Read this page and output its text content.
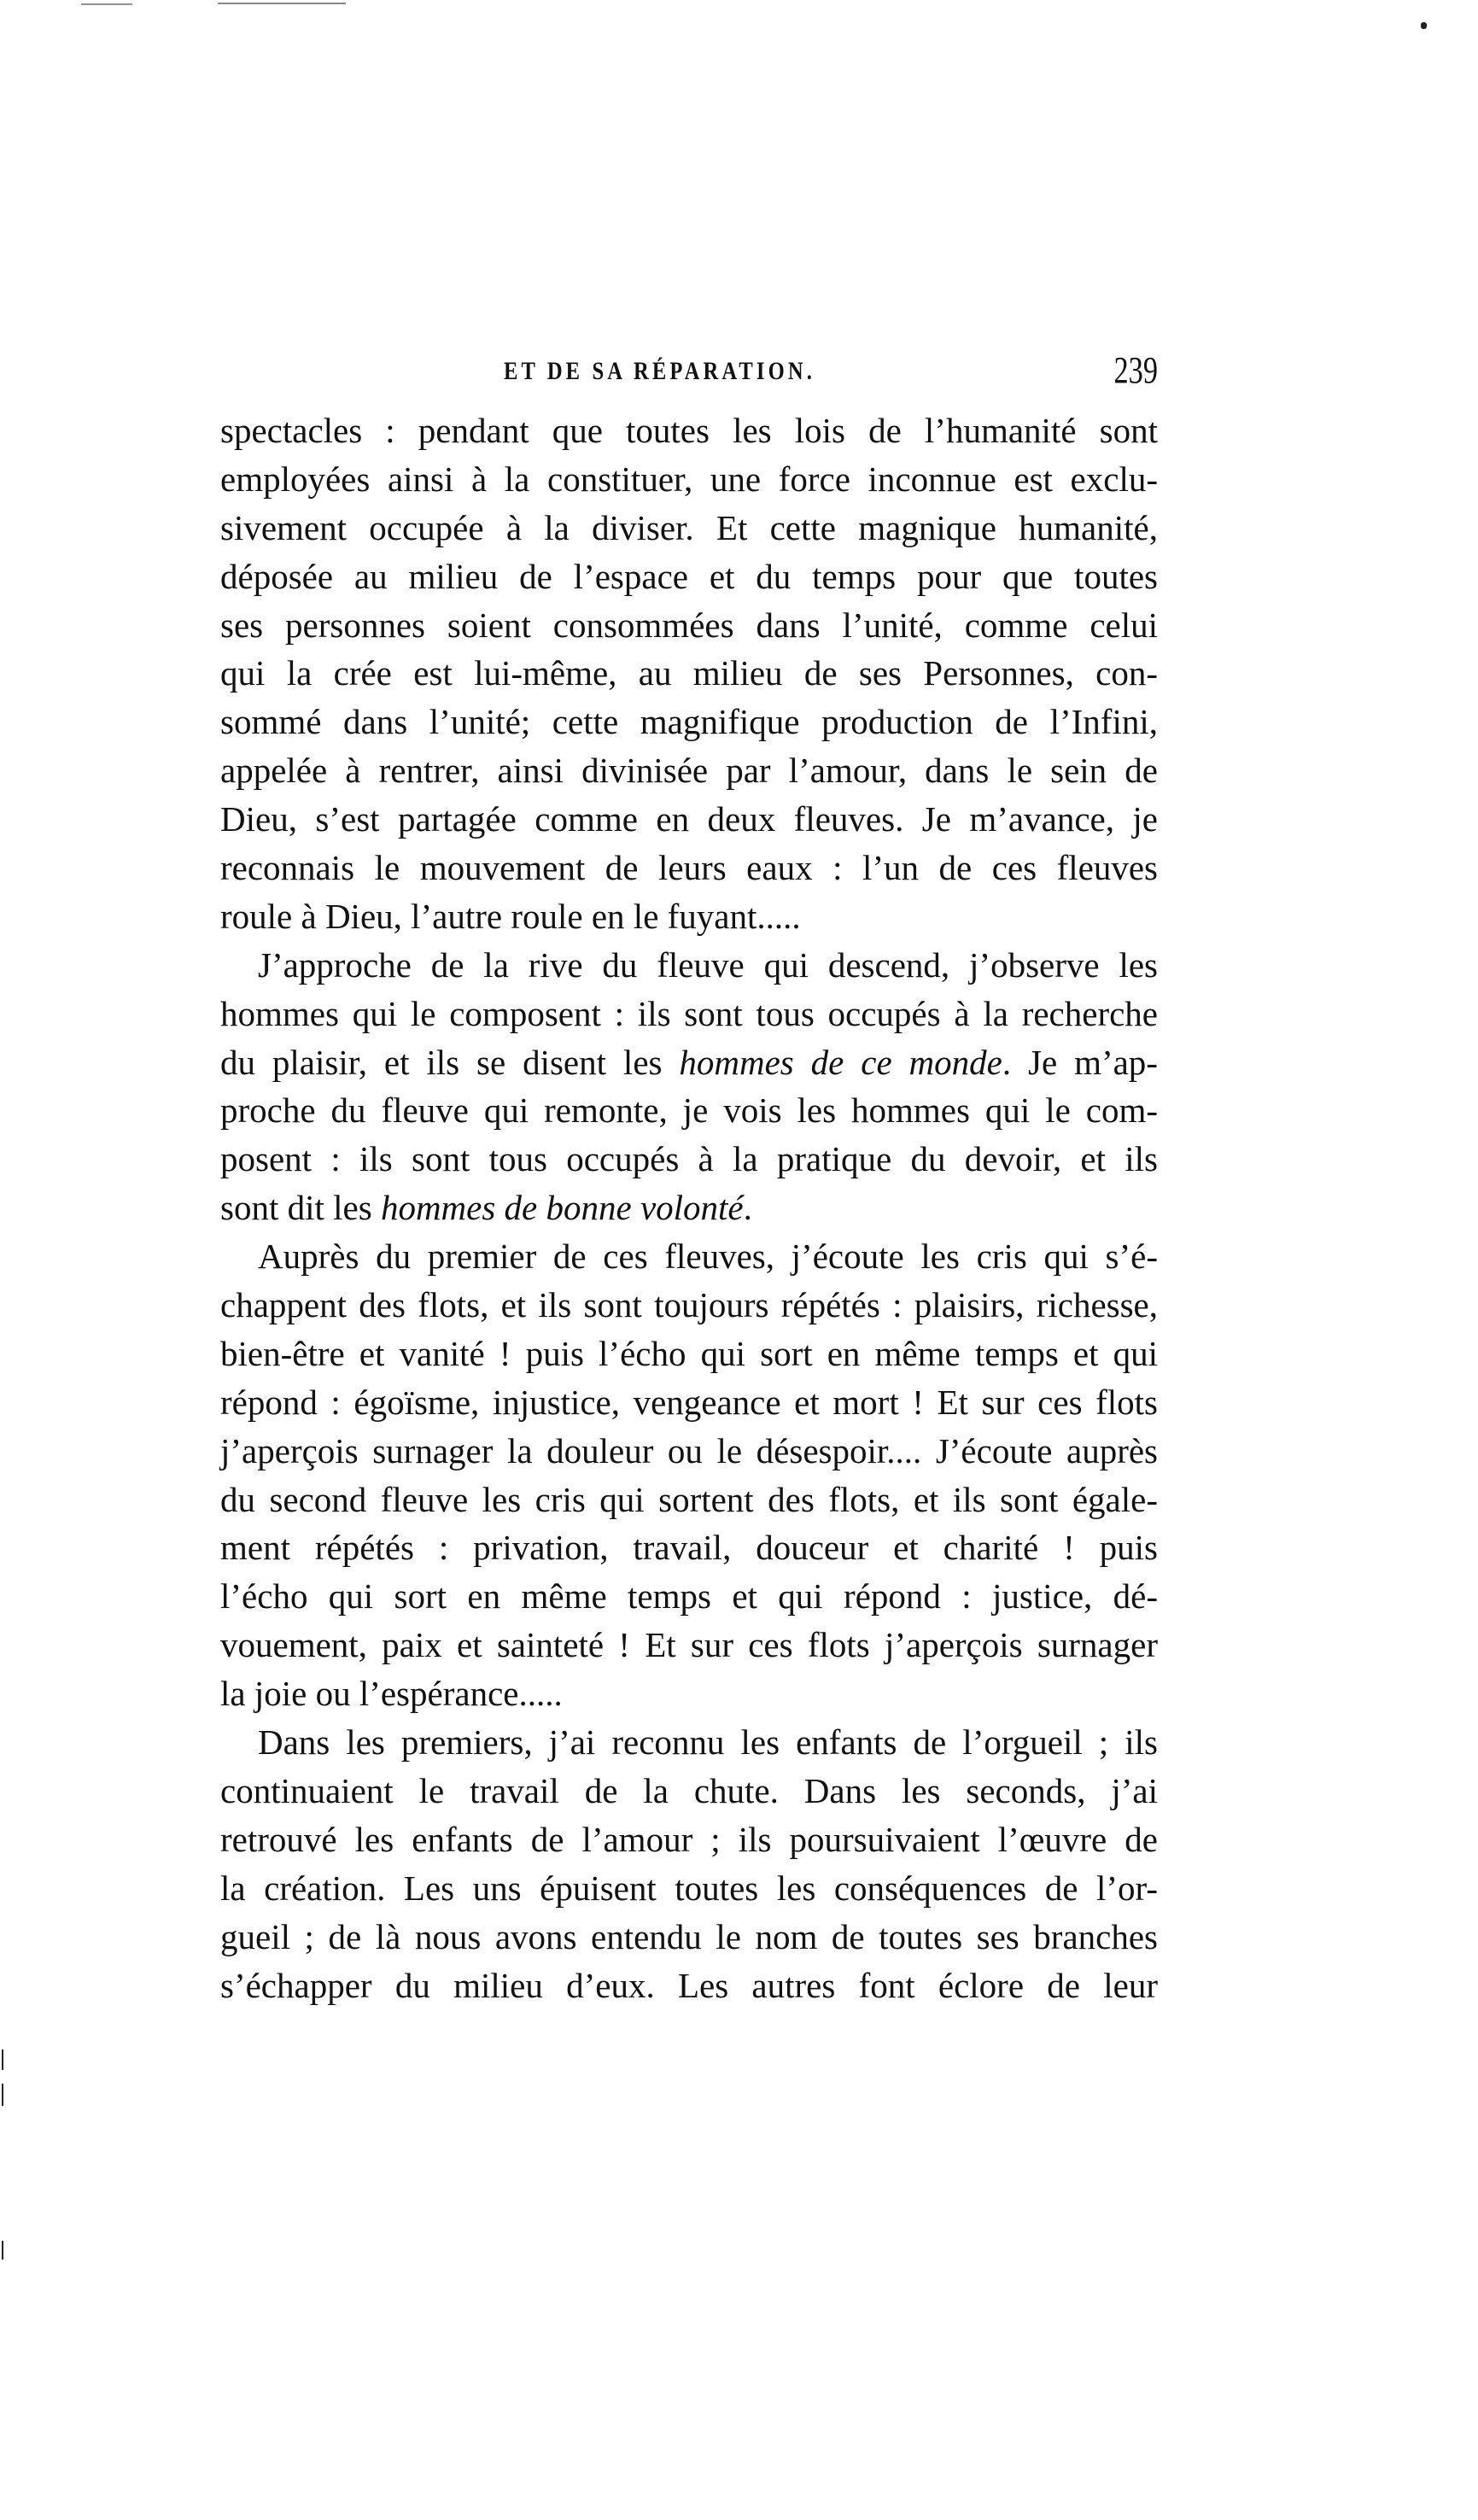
ET DE SA RÉPARATION.	239
spectacles : pendant que toutes les lois de l’humanité sont
employées ainsi à la constituer, une force inconnue est exclu-
sivement occupée à la diviser. Et cette magnique humanité,
déposée au milieu de l’espace et du temps pour que toutes
ses personnes soient consommées dans l’unité, comme celui
qui la crée est lui-même, au milieu de ses Personnes, con-
sommé dans l’unité; cette magnifique production de l’Infini,
appelée à rentrer, ainsi divinisée par l’amour, dans le sein de
Dieu, s’est partagée comme en deux fleuves. Je m’avance, je
reconnais le mouvement de leurs eaux : l’un de ces fleuves
roule à Dieu, l’autre roule en le fuyant.....
J’approche de la rive du fleuve qui descend, j’observe les
hommes qui le composent : ils sont tous occupés à la recherche
du plaisir, et ils se disent les hommes de ce monde. Je m’ap-
proche du fleuve qui remonte, je vois les hommes qui le com-
posent : ils sont tous occupés à la pratique du devoir, et ils
sont dit les hommes de bonne volonté.
Auprès du premier de ces fleuves, j’écoute les cris qui s’é-
chappent des flots, et ils sont toujours répétés : plaisirs, richesse,
bien-être et vanité ! puis l’écho qui sort en même temps et qui
répond : égoïsme, injustice, vengeance et mort ! Et sur ces flots
j’aperçois surnager la douleur ou le désespoir.... J’écoute auprès
du second fleuve les cris qui sortent des flots, et ils sont égale-
ment répétés : privation, travail, douceur et charité ! puis
l’écho qui sort en même temps et qui répond : justice, dé-
vouement, paix et sainteté ! Et sur ces flots j’aperçois surnager
la joie ou l’espérance.....
Dans les premiers, j’ai reconnu les enfants de l’orgueil ; ils
continuaient le travail de la chute. Dans les seconds, j’ai
retrouvé les enfants de l’amour ; ils poursuivaient l’œuvre de
la création. Les uns épuisent toutes les conséquences de l’or-
gueil ; de là nous avons entendu le nom de toutes ses branches
s’échapper du milieu d’eux. Les autres font éclore de leur
